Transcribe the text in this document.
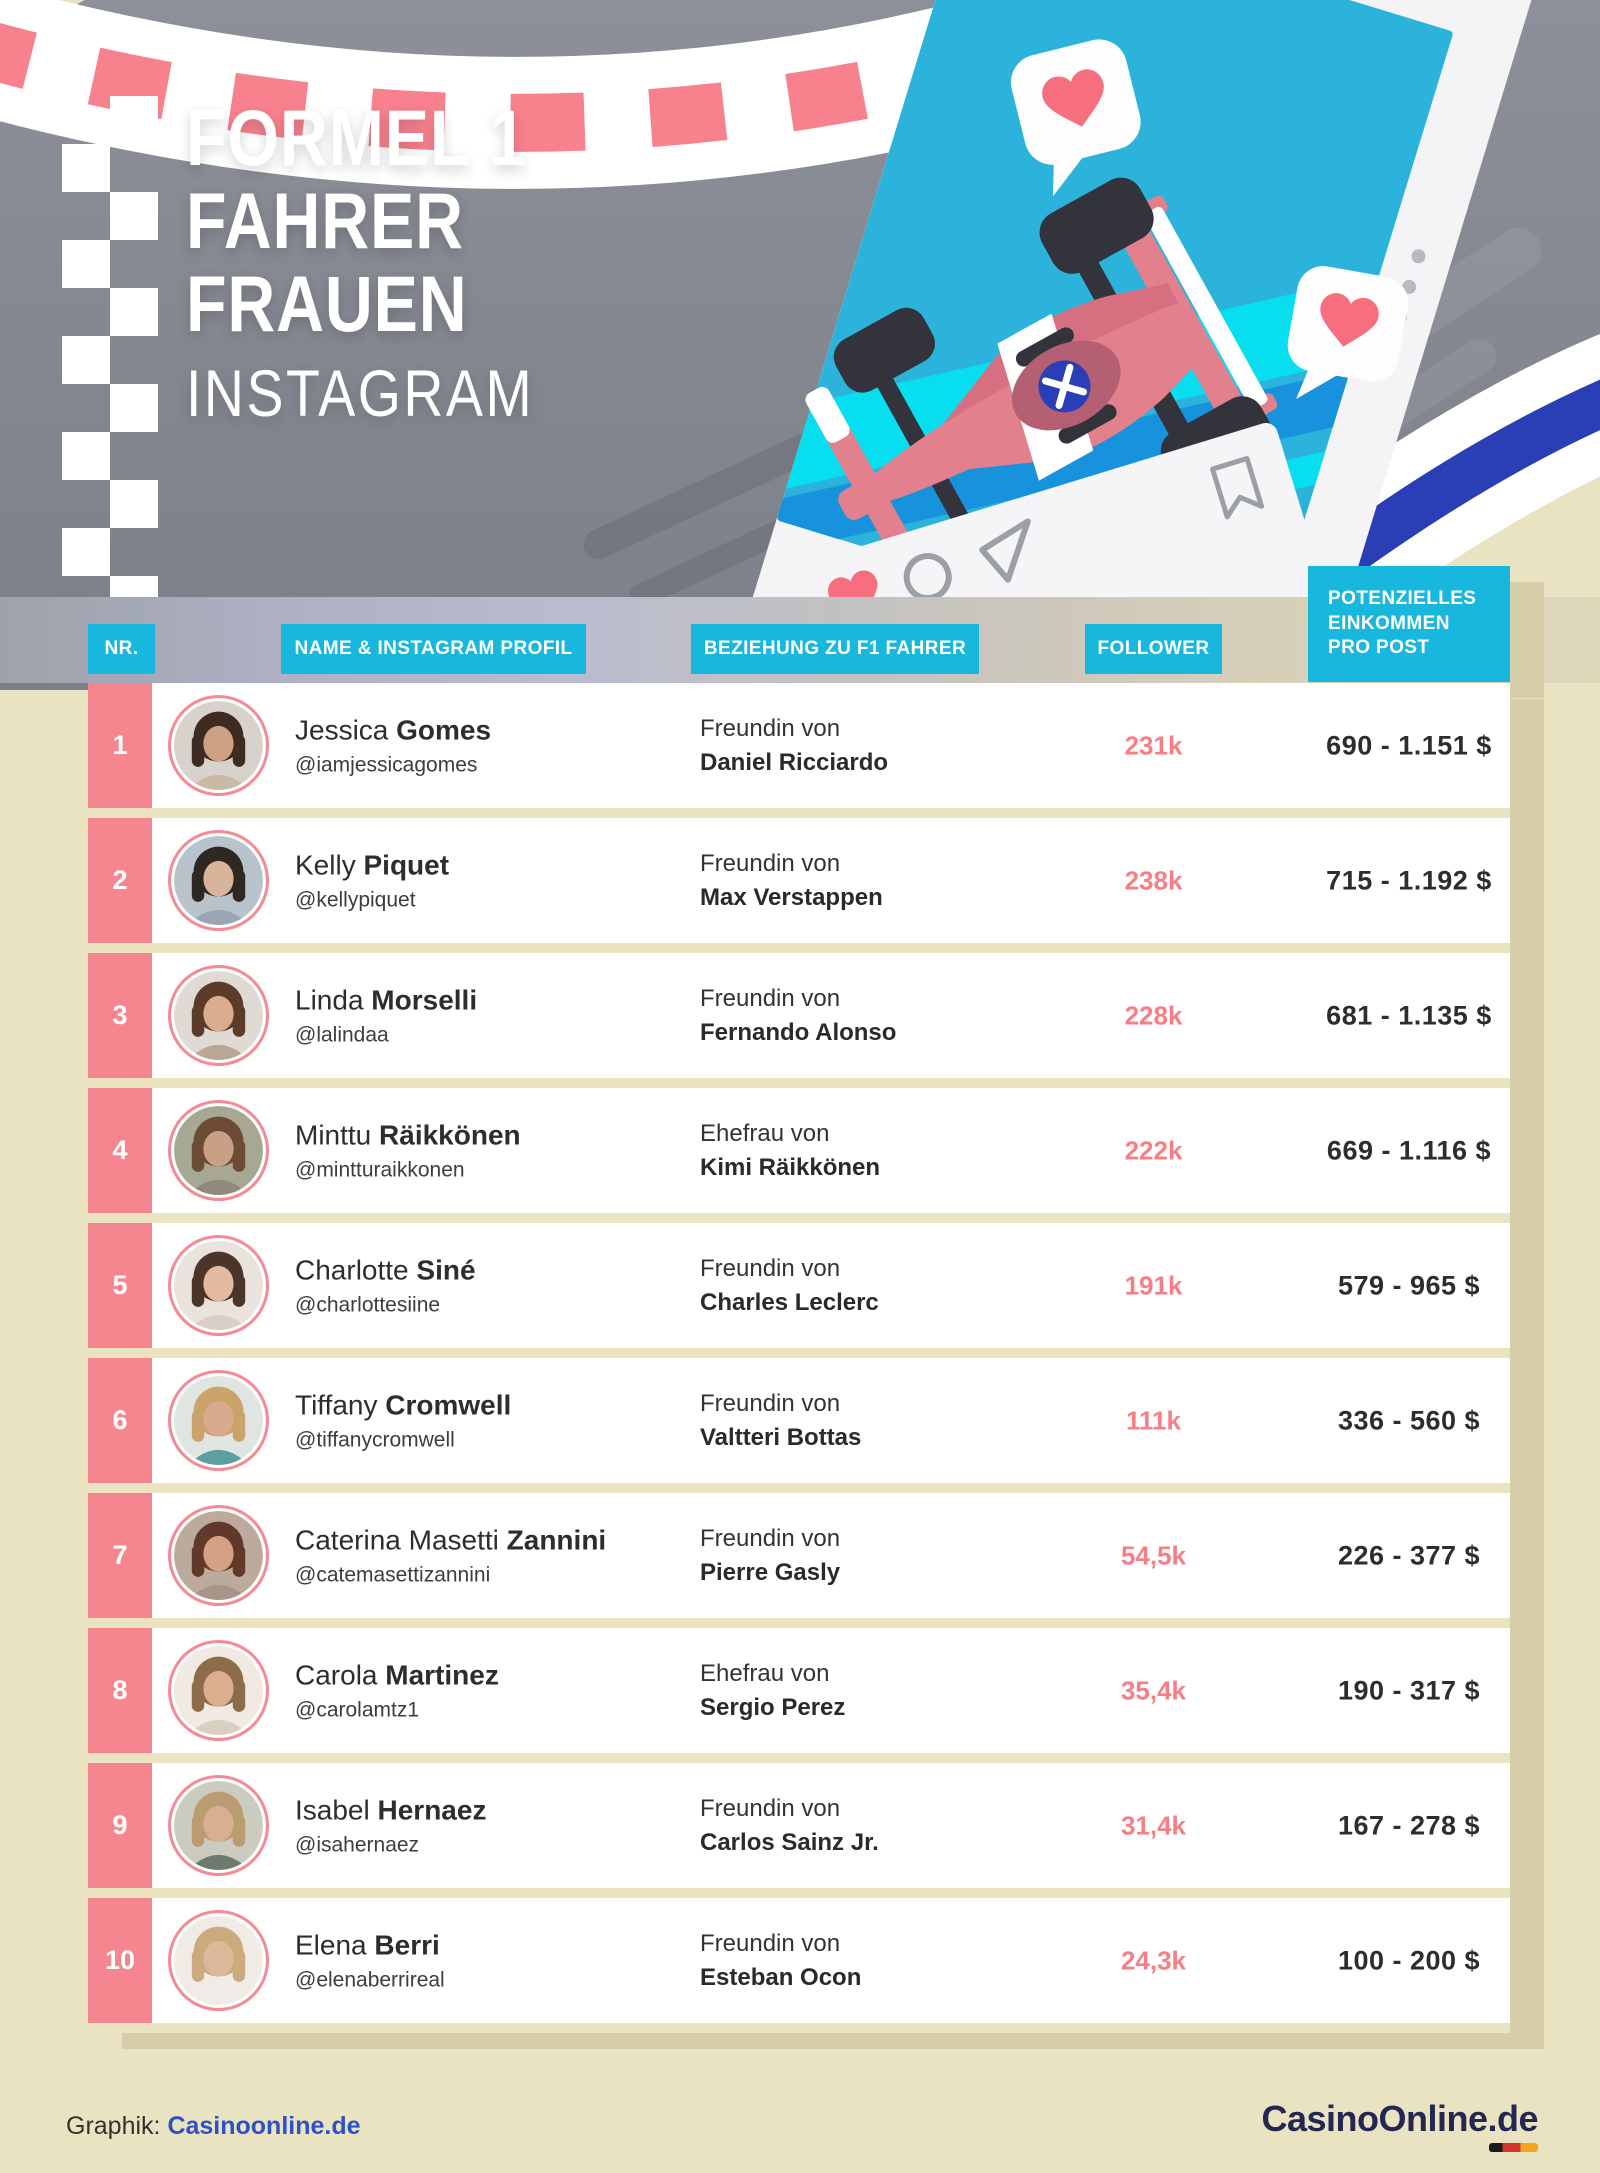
FORMEL 1
FAHRER
FRAUEN
INSTAGRAM
NR.	NAME & INSTAGRAM PROFIL	BEZIEHUNG ZU F1 FAHRER	FOLLOWER
POTENZIELLES EINKOMMEN PRO POST
1	Jessica Gomes
@iamjessicagomes
Freundin von
Daniel Ricciardo
231k	690 - 1.151 $
2	Kelly Piquet
@kellypiquet
Freundin von
Max Verstappen
238k	715 - 1.192 $
3	Linda Morselli
@lalindaa
Freundin von
Fernando Alonso
228k	681 - 1.135 $
4	Minttu Räikkönen
@mintturaikkonen
Ehefrau von
Kimi Räikkönen
222k	669 - 1.116 $
5	Charlotte Siné
@charlottesiine
Freundin von
Charles Leclerc
191k	579 - 965 $
6	Tiffany Cromwell
@tiffanycromwell
Freundin von
Valtteri Bottas
111k	336 - 560 $
7	Caterina Masetti Zannini
@catemasettizannini
Freundin von
Pierre Gasly
54,5k	226 - 377 $
8	Carola Martinez
@carolamtz1
Ehefrau von
Sergio Perez
35,4k	190 - 317 $
9	Isabel Hernaez
@isahernaez
Freundin von
Carlos Sainz Jr.
31,4k	167 - 278 $
10	Elena Berri
@elenaberrireal
Freundin von
Esteban Ocon
24,3k	100 - 200 $
Graphik: Casinoonline.de	CasinoOnline.de
